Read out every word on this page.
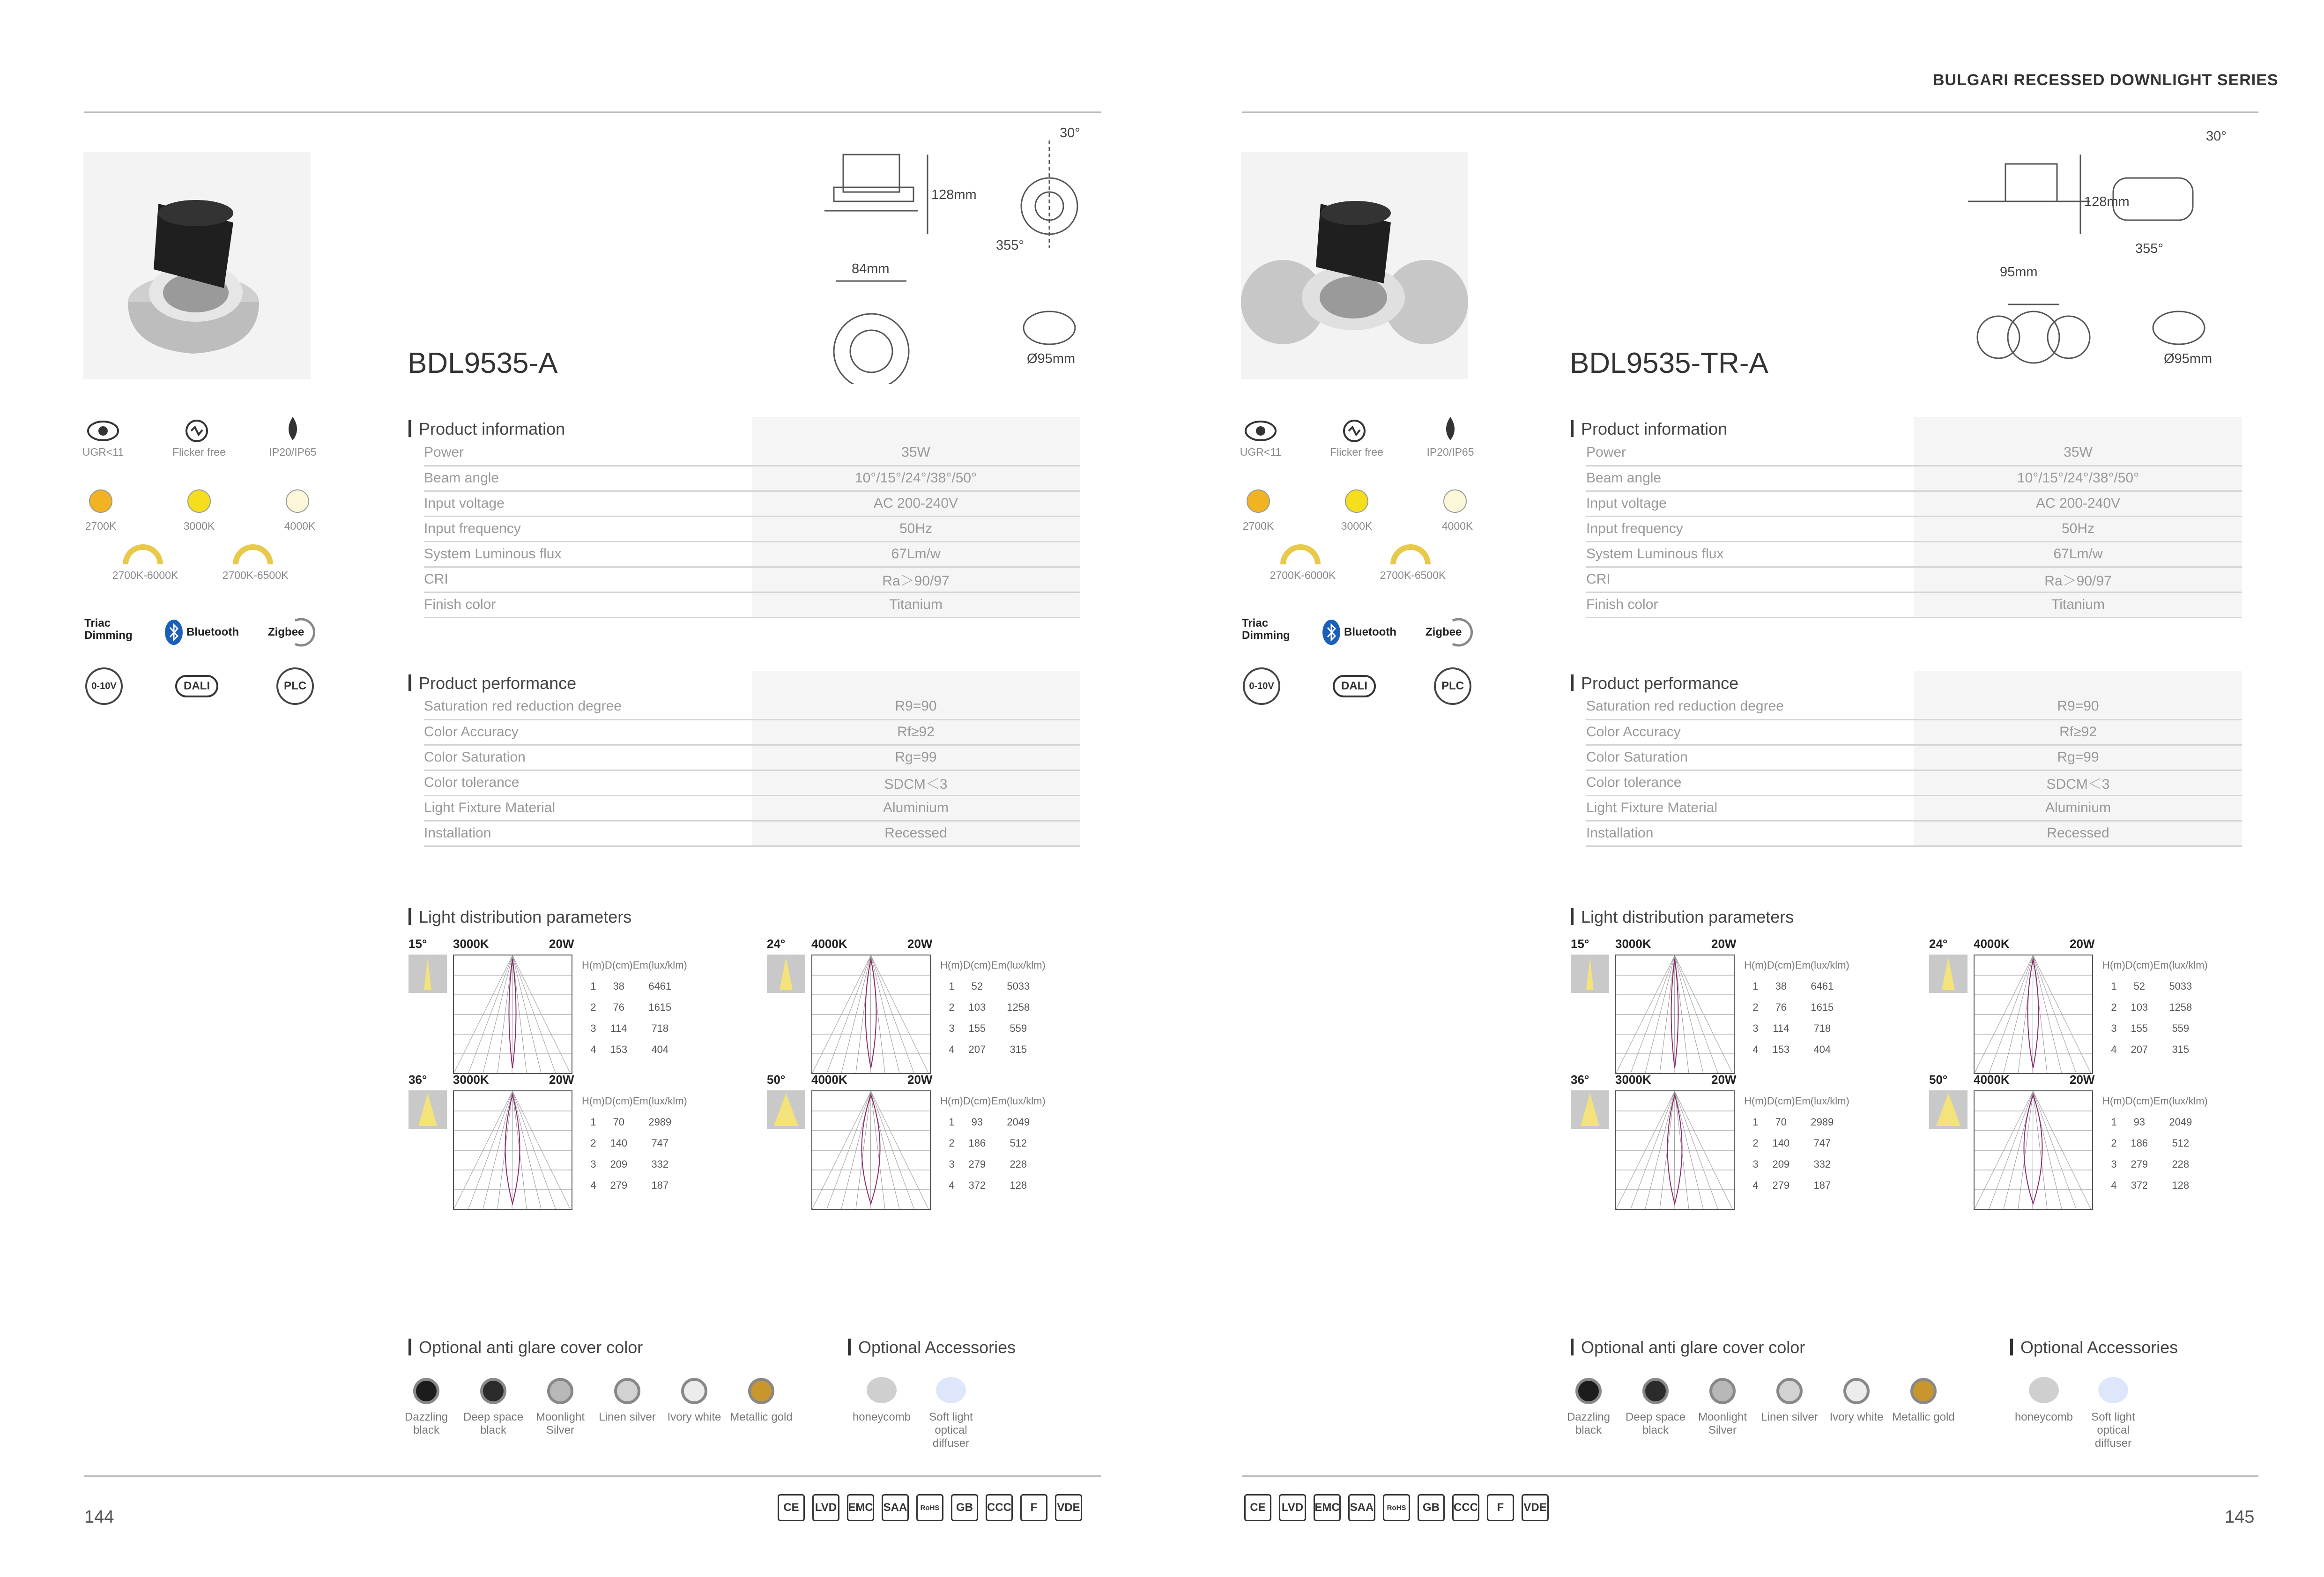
BDL9535-A
128mm
30°
355°
84mm
Ø95mm
UGR<11	Flicker free	IP20/IP65
2700K	3000K	4000K
2700K-6000K	2700K-6500K
Triac
Dimming	Bluetooth	Zigbee
0-10V	DALI	PLC
Product information

Power	35W
Beam angle	10°/15°/24°/38°/50°
Input voltage	AC 200-240V
Input frequency	50Hz
System Luminous flux	67Lm/w
CRI	Ra＞90/97
Finish color	Titanium
Product performance

Saturation red reduction degree	R9=90
Color Accuracy	Rf≥92
Color Saturation	Rg=99
Color tolerance	SDCM＜3
Light Fixture Material	Aluminium
Installation	Recessed
Light distribution parameters
15° 3000K	20W
H(m)	D(cm)	Em(lux/klm)
1	38	6461
2	76	1615
3	114	718
4	153	404
24° 4000K	20W
H(m)	D(cm)	Em(lux/klm)
1	52	5033
2	103	1258
3	155	559
4	207	315
36° 3000K	20W
H(m)	D(cm)	Em(lux/klm)
1	70	2989
2	140	747
3	209	332
4	279	187
50° 4000K	20W
H(m)	D(cm)	Em(lux/klm)
1	93	2049
2	186	512
3	279	228
4	372	128
Optional anti glare cover color	Optional Accessories
Dazzling black
Deep space black
Moonlight Silver
Linen silver	Ivory white Metallic gold	honeycomb	Soft light optical diffuser
144	CE	LVD EMC SAA	RoHS	GB	CCC	F	VDE
BULGARI RECESSED DOWNLIGHT SERIES
BDL9535-TR-A
128mm
30°
355°
95mm
Ø95mm
UGR<11	Flicker free	IP20/IP65
2700K	3000K	4000K
2700K-6000K	2700K-6500K
Triac
Dimming	Bluetooth	Zigbee
0-10V	DALI	PLC
Product information

Power	35W
Beam angle	10°/15°/24°/38°/50°
Input voltage	AC 200-240V
Input frequency	50Hz
System Luminous flux	67Lm/w
CRI	Ra＞90/97
Finish color	Titanium
Product performance

Saturation red reduction degree	R9=90
Color Accuracy	Rf≥92
Color Saturation	Rg=99
Color tolerance	SDCM＜3
Light Fixture Material	Aluminium
Installation	Recessed
Light distribution parameters
15° 3000K	20W
H(m)	D(cm)	Em(lux/klm)
1	38	6461
2	76	1615
3	114	718
4	153	404
24° 4000K	20W
H(m)	D(cm)	Em(lux/klm)
1	52	5033
2	103	1258
3	155	559
4	207	315
36° 3000K	20W
H(m)	D(cm)	Em(lux/klm)
1	70	2989
2	140	747
3	209	332
4	279	187
50° 4000K	20W
H(m)	D(cm)	Em(lux/klm)
1	93	2049
2	186	512
3	279	228
4	372	128
Optional anti glare cover color	Optional Accessories
Dazzling black
Deep space black
Moonlight Silver
Linen silver	Ivory white Metallic gold	honeycomb	Soft light optical diffuser
145
CE	LVD EMC SAA	RoHS	GB	CCC	F	VDE
